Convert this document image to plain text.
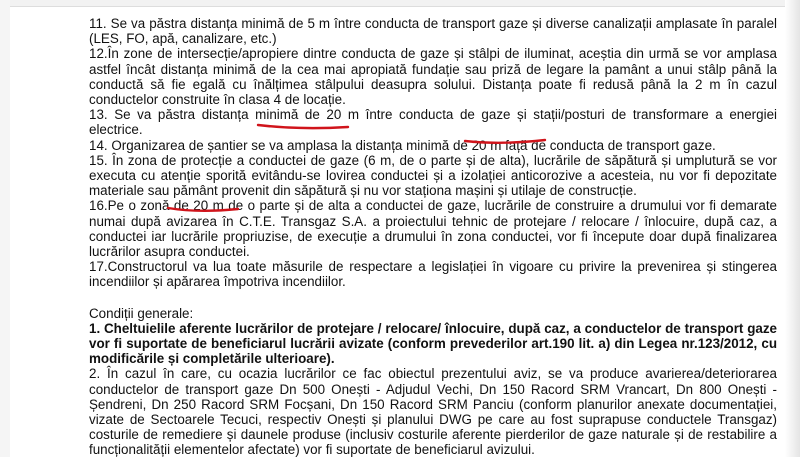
11. Se va păstra distanța minimă de 5 m între conducta de transport gaze și diverse canalizații amplasate în paralel (LES, FO, apă, canalizare, etc.)

12.În zone de intersecție/apropiere dintre conducta de gaze și stâlpi de iluminat, aceștia din urmă se vor amplasa astfel încât distanța minimă de la cea mai apropiată fundație sau priză de legare la pamânt a unui stâlp până la conductă să fie egală cu înălțimea stâlpului deasupra solului. Distanța poate fi redusă până la 2 m în cazul conductelor construite în clasa 4 de locație.

13. Se va păstra distanța minimă de 20 m între conducta de gaze și stații/posturi de transformare a energiei electrice.

14. Organizarea de șantier se va amplasa la distanța minimă de 20 m față de conducta de transport gaze.

15. În zona de protecție a conductei de gaze (6 m, de o parte și de alta), lucrările de săpătură și umplutură se vor executa cu atenție sporită evitându-se lovirea conductei și a izolației anticorozive a acesteia, nu vor fi depozitate materiale sau pământ provenit din săpătură și nu vor staționa mașini și utilaje de construcție.

16.Pe o zonă de 20 m de o parte și de alta a conductei de gaze, lucrările de construire a drumului vor fi demarate numai după avizarea în C.T.E. Transgaz S.A. a proiectului tehnic de protejare / relocare / înlocuire, după caz, a conductei iar lucrările propriuzise, de execuție a drumului în zona conductei, vor fi începute doar după finalizarea lucrărilor asupra conductei.

17.Constructorul va lua toate măsurile de respectare a legislației în vigoare cu privire la prevenirea și stingerea incendiilor și apărarea împotriva incendiilor.

Condiții generale:

1. Cheltuielile aferente lucrărilor de protejare / relocare/ înlocuire, după caz, a conductelor de transport gaze vor fi suportate de beneficiarul lucrării avizate (conform prevederilor art.190 lit. a) din Legea nr.123/2012, cu modificările și completările ulterioare).

2. În cazul în care, cu ocazia lucrărilor ce fac obiectul prezentului aviz, se va produce avarierea/deteriorarea conductelor de transport gaze Dn 500 Onești - Adjudul Vechi, Dn 150 Racord SRM Vrancart, Dn 800 Onești - Șendreni, Dn 250 Racord SRM Focșani, Dn 150 Racord SRM Panciu (conform planurilor anexate documentației, vizate de Sectoarele Tecuci, respectiv Onești și planului DWG pe care au fost suprapuse conductele Transgaz) costurile de remediere și daunele produse (inclusiv costurile aferente pierderilor de gaze naturale și de restabilire a funcționalității elementelor afectate) vor fi suportate de beneficiarul avizului.
